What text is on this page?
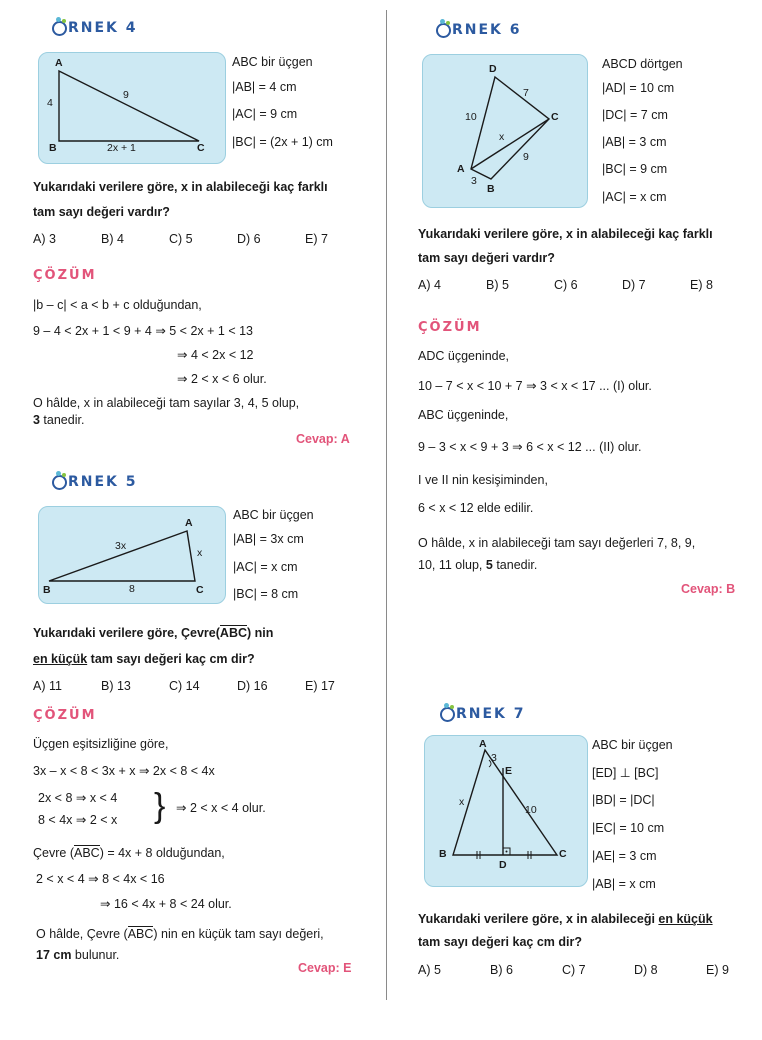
RNEK 4
A
B	C
4
9
2x + 1
ABC bir üçgen
|AB| = 4 cm
|AC| = 9 cm
|BC| = (2x + 1) cm
Yukarıdaki verilere göre, x in alabileceği kaç farklı
tam sayı değeri vardır?
A) 3	B) 4	C) 5	D) 6	E) 7
ÇÖZÜM
|b – c| < a < b + c olduğundan,
9 – 4 < 2x + 1 < 9 + 4 ⇒ 5 < 2x + 1 < 13
⇒ 4 < 2x < 12
⇒ 2 < x < 6 olur.
O hâlde, x in alabileceği tam sayılar 3, 4, 5 olup,
3 tanedir.
Cevap: A
RNEK 5
A
B	C
3x
x
8
ABC bir üçgen
|AB| = 3x cm
|AC| = x cm
|BC| = 8 cm
Yukarıdaki verilere göre, Çevre(ABC) nin
en küçük tam sayı değeri kaç cm dir?
A) 11	B) 13	C) 14	D) 16	E) 17
ÇÖZÜM
Üçgen eşitsizliğine göre,
3x – x < 8 < 3x + x ⇒ 2x < 8 < 4x
2x < 8 ⇒ x < 4
8 < 4x ⇒ 2 < x } ⇒ 2 < x < 4 olur.
Çevre (ABC) = 4x + 8 olduğundan,
2 < x < 4 ⇒ 8 < 4x < 16
⇒ 16 < 4x + 8 < 24 olur.
O hâlde, Çevre (ABC) nin en küçük tam sayı değeri,
17 cm bulunur.
Cevap: E
RNEK 6
D
C
A
B
10
7
x
9
3
ABCD dörtgen
|AD| = 10 cm
|DC| = 7 cm
|AB| = 3 cm
|BC| = 9 cm
|AC| = x cm
Yukarıdaki verilere göre, x in alabileceği kaç farklı
tam sayı değeri vardır?
A) 4	B) 5	C) 6	D) 7	E) 8
ÇÖZÜM
ADC üçgeninde,
10 – 7 < x < 10 + 7 ⇒ 3 < x < 17 ... (I) olur.
ABC üçgeninde,
9 – 3 < x < 9 + 3 ⇒ 6 < x < 12 ... (II) olur.
I ve II nin kesişiminden,
6 < x < 12 elde edilir.
O hâlde, x in alabileceği tam sayı değerleri 7, 8, 9,
10, 11 olup, 5 tanedir.
Cevap: B
RNEK 7
A
E
B	C
D
3
10
x
ABC bir üçgen
[ED] ⊥ [BC]
|BD| = |DC|
|EC| = 10 cm
|AE| = 3 cm
|AB| = x cm
Yukarıdaki verilere göre, x in alabileceği en küçük
tam sayı değeri kaç cm dir?
A) 5	B) 6	C) 7	D) 8	E) 9
